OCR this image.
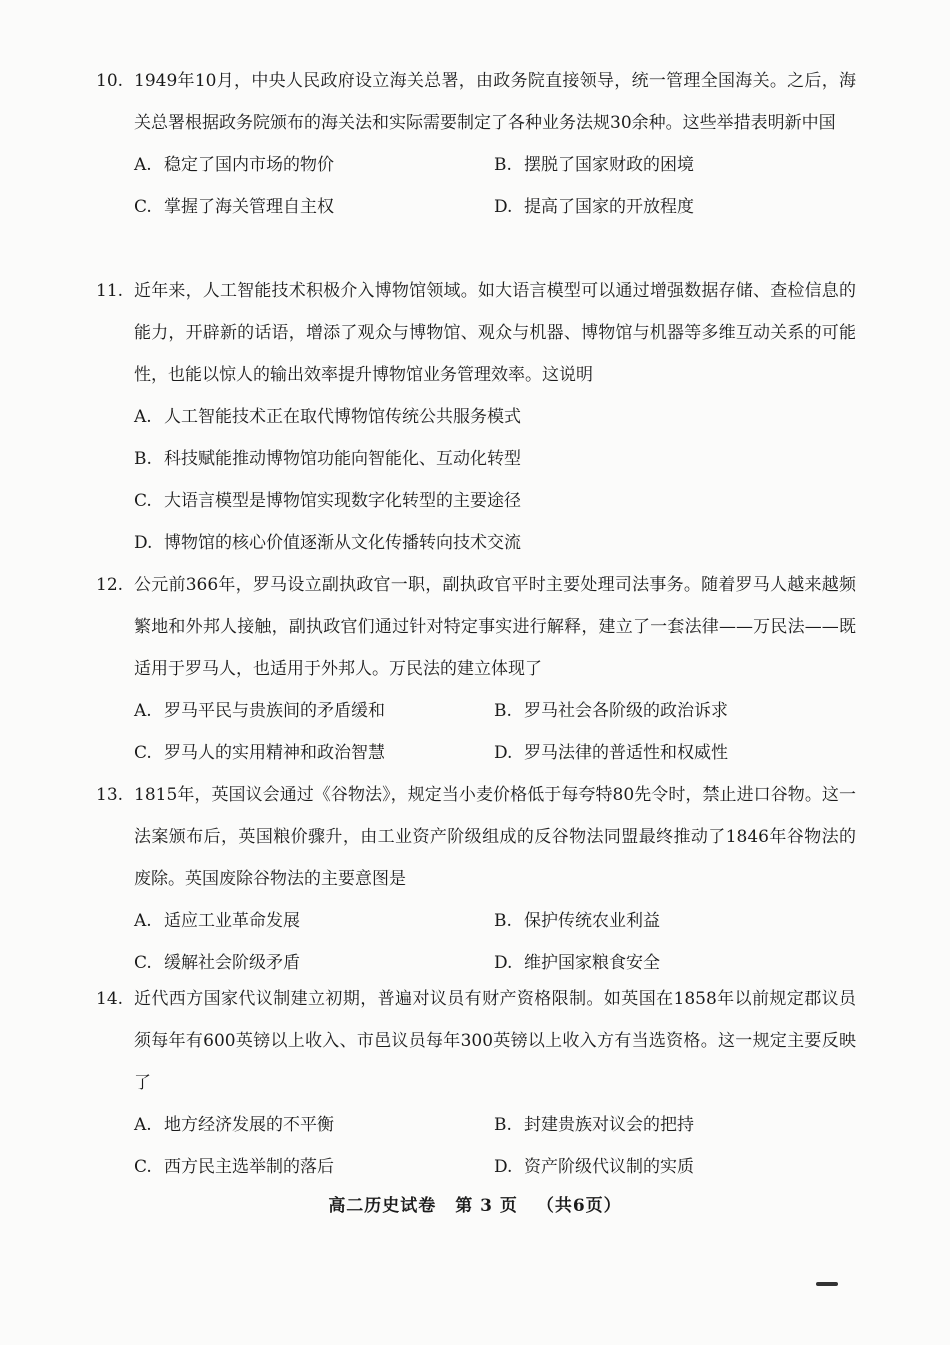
10. 1949年10月，中央人民政府设立海关总署，由政务院直接领导，统一管理全国海关。之后，海关总署根据政务院颁布的海关法和实际需要制定了各种业务法规30余种。这些举措表明新中国
A. 稳定了国内市场的物价	B. 摆脱了国家财政的困境
C. 掌握了海关管理自主权	D. 提高了国家的开放程度
11. 近年来，人工智能技术积极介入博物馆领域。如大语言模型可以通过增强数据存储、查检信息的能力，开辟新的话语，增添了观众与博物馆、观众与机器、博物馆与机器等多维互动关系的可能性，也能以惊人的输出效率提升博物馆业务管理效率。这说明
A. 人工智能技术正在取代博物馆传统公共服务模式
B. 科技赋能推动博物馆功能向智能化、互动化转型
C. 大语言模型是博物馆实现数字化转型的主要途径
D. 博物馆的核心价值逐渐从文化传播转向技术交流
12. 公元前366年，罗马设立副执政官一职，副执政官平时主要处理司法事务。随着罗马人越来越频繁地和外邦人接触，副执政官们通过针对特定事实进行解释，建立了一套法律——万民法——既适用于罗马人，也适用于外邦人。万民法的建立体现了
A. 罗马平民与贵族间的矛盾缓和	B. 罗马社会各阶级的政治诉求
C. 罗马人的实用精神和政治智慧	D. 罗马法律的普适性和权威性
13. 1815年，英国议会通过《谷物法》，规定当小麦价格低于每夸特80先令时，禁止进口谷物。这一法案颁布后，英国粮价骤升，由工业资产阶级组成的反谷物法同盟最终推动了1846年谷物法的废除。英国废除谷物法的主要意图是
A. 适应工业革命发展	B. 保护传统农业利益
C. 缓解社会阶级矛盾	D. 维护国家粮食安全
14. 近代西方国家代议制建立初期，普遍对议员有财产资格限制。如英国在1858年以前规定郡议员须每年有600英镑以上收入、市邑议员每年300英镑以上收入方有当选资格。这一规定主要反映了
A. 地方经济发展的不平衡	B. 封建贵族对议会的把持
C. 西方民主选举制的落后	D. 资产阶级代议制的实质
高二历史试卷 第 3 页 （共6页）
